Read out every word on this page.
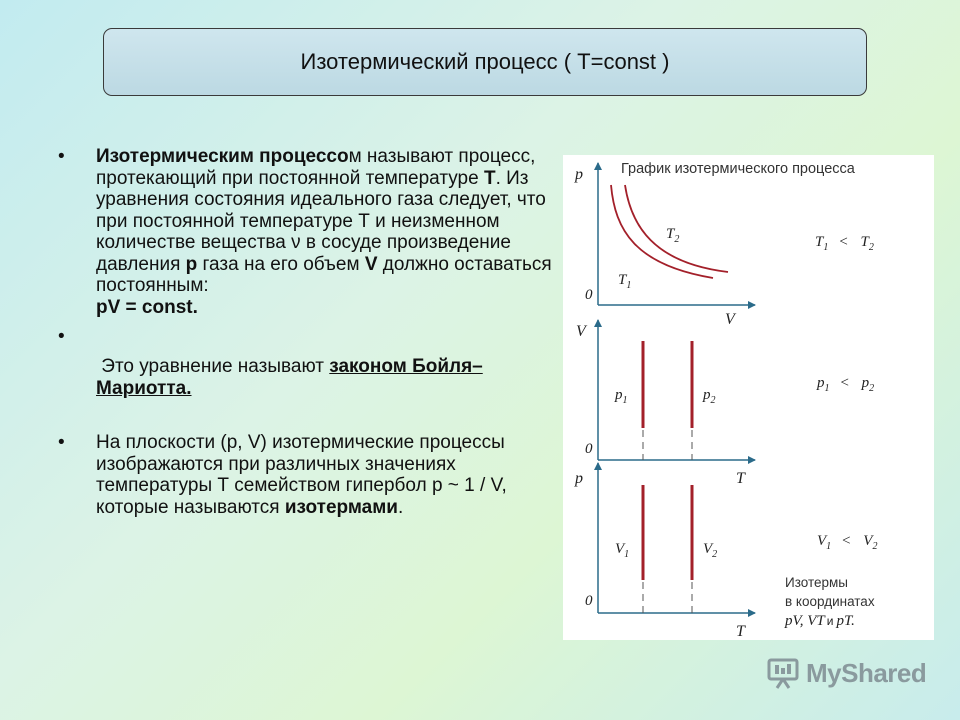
Изотермический процесс ( T=const )
• Изотермическим процессом называют процесс, протекающий при постоянной температуре Т. Из уравнения состояния идеального газа следует, что при постоянной температуре Т и неизменном количестве вещества ν в сосуде произведение давления р газа на его объем V должно оставаться постоянным:
pV = const.
•
Это уравнение называют законом Бойля–Мариотта.
• На плоскости (p, V) изотермические процессы изображаются при различных значениях температуры Т семейством гипербол p ~ 1 / V, которые называются изотермами.
График изотермического процесса
p
V
0
$T_1$
$T_2$	$T_1 < T_2$
V
T
0
$p_1$	$p_2$
$p_1 < p_2$
p
T
0
$V_1$	$V_2$
$V_1 < V_2$
Изотермы
в координатах
pV, VT и pT.
MyShared
